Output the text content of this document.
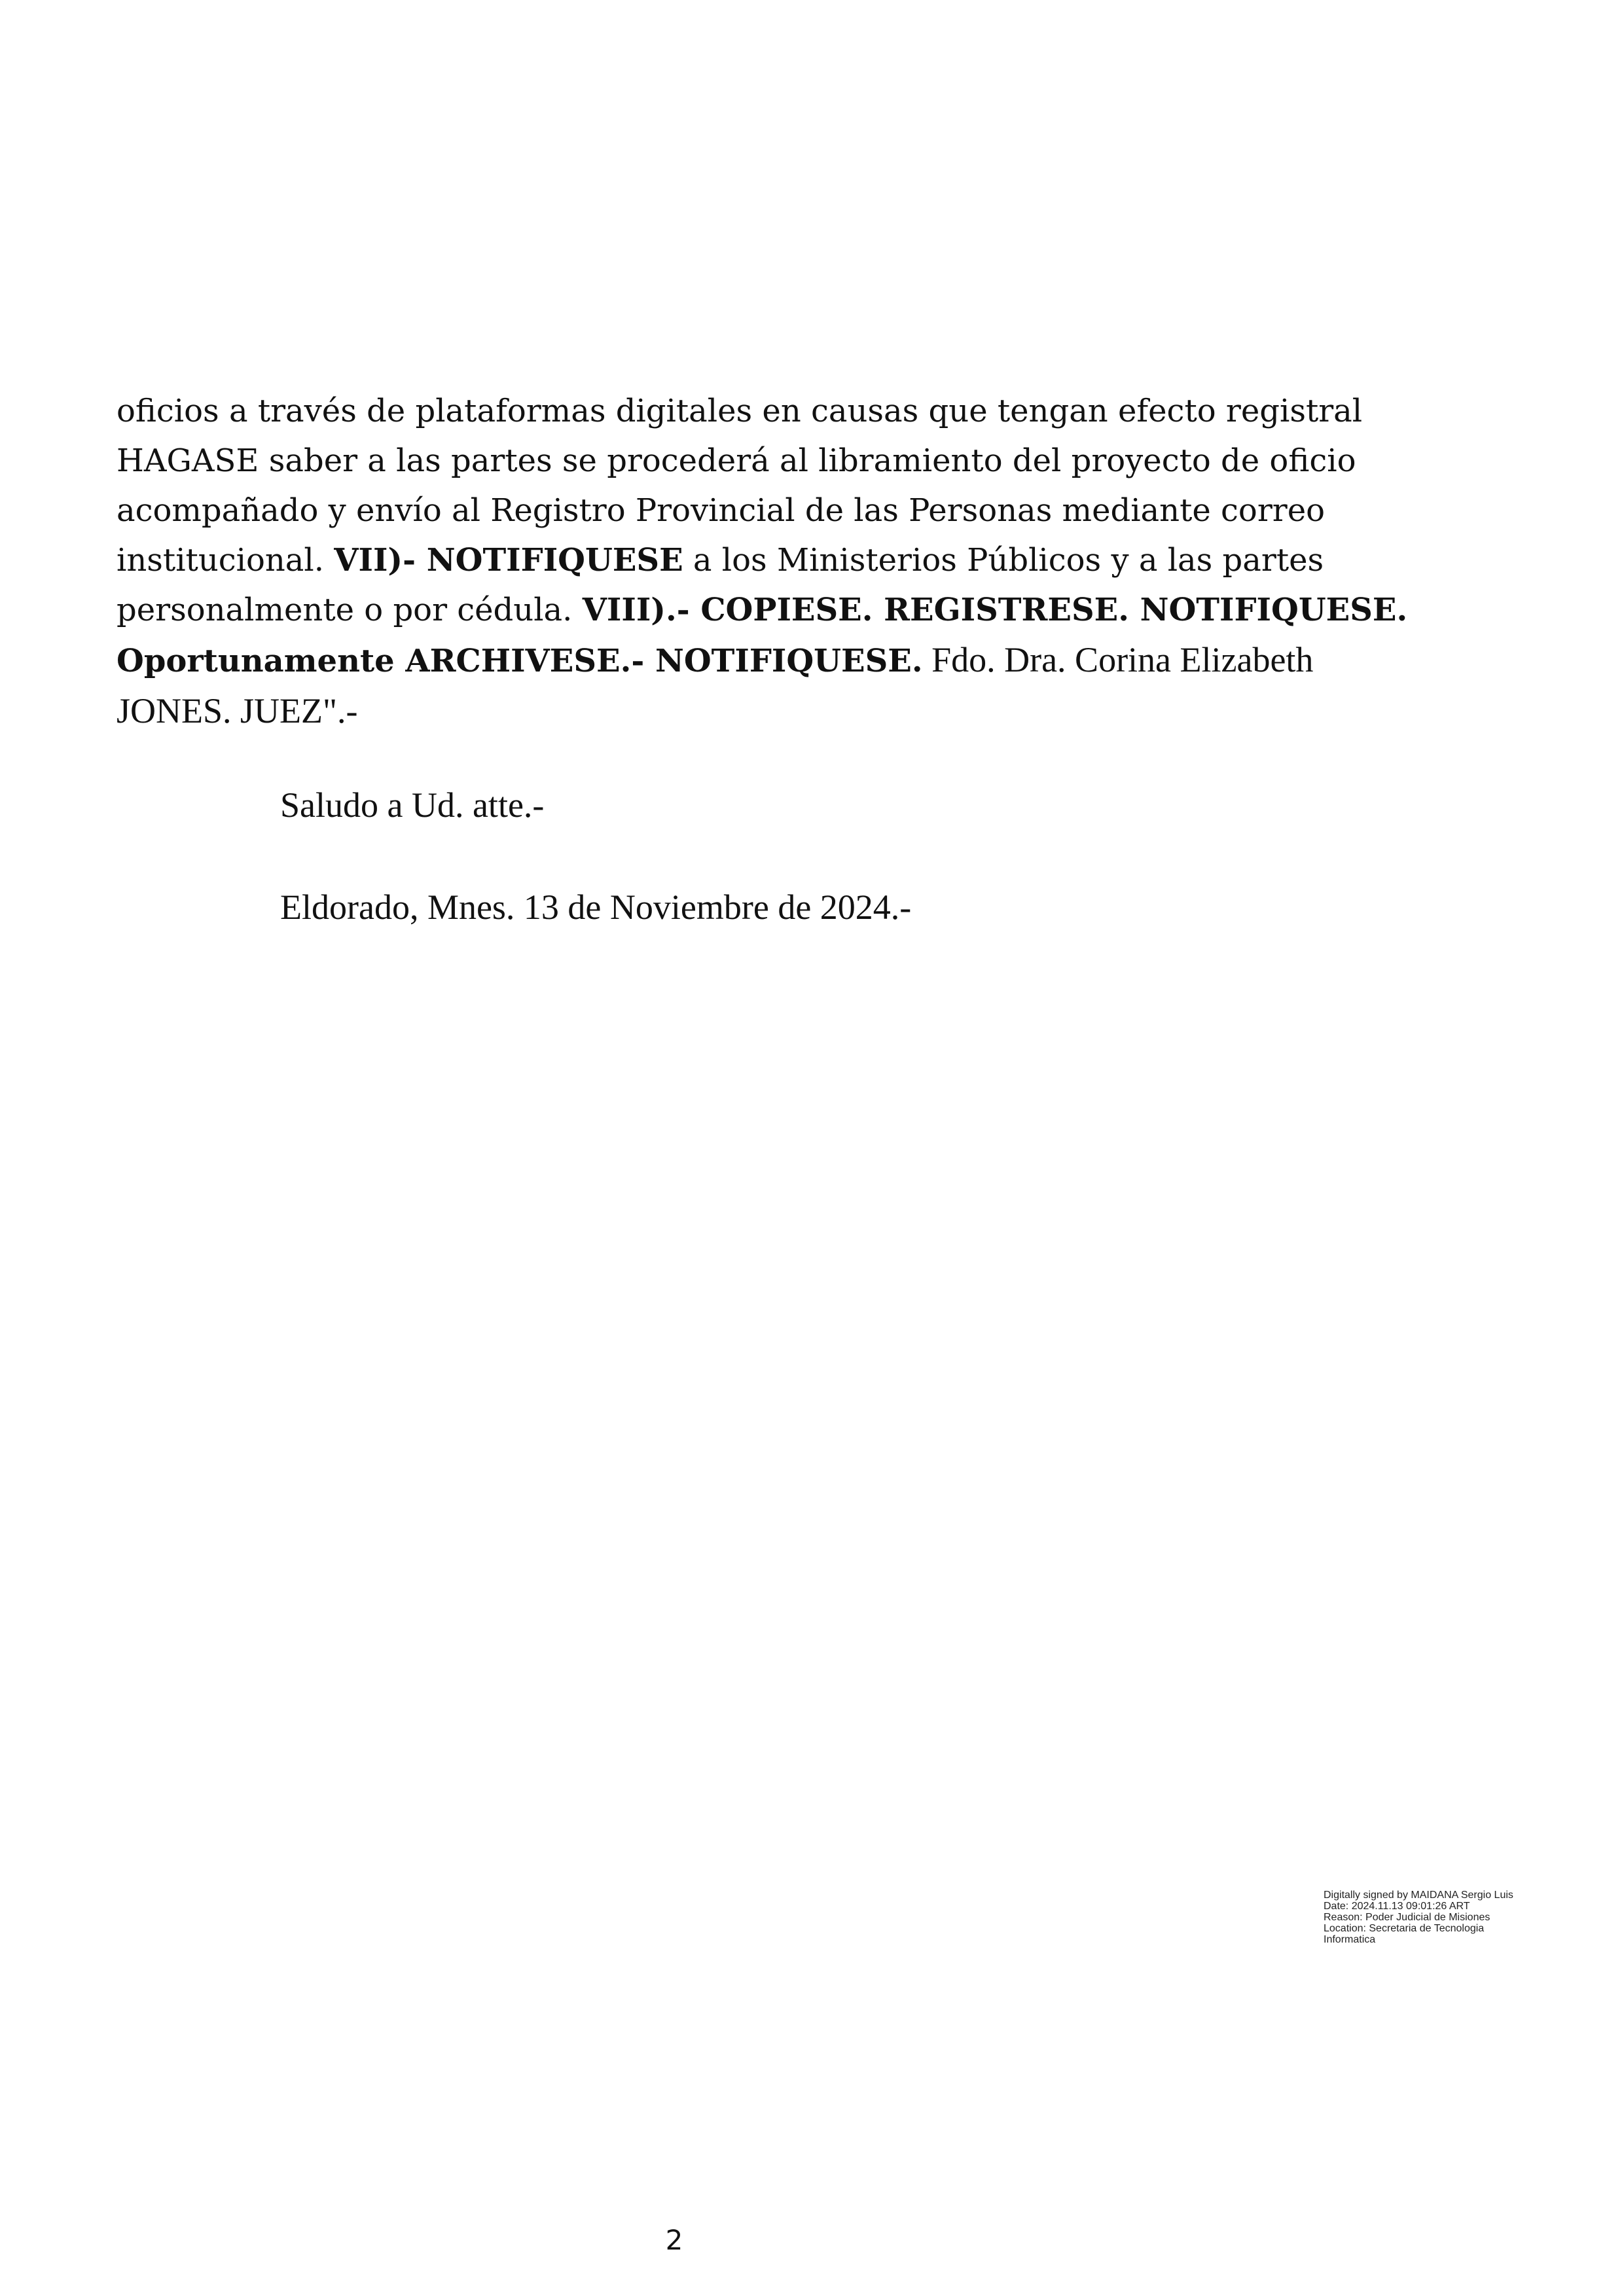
oficios a través de plataformas digitales en causas que tengan efecto registral
HAGASE saber a las partes se procederá al libramiento del proyecto de oficio
acompañado y envío al Registro Provincial de las Personas mediante correo
institucional. VII)- NOTIFIQUESE a los Ministerios Públicos y a las partes
personalmente o por cédula. VIII).- COPIESE. REGISTRESE. NOTIFIQUESE.
Oportunamente ARCHIVESE.- NOTIFIQUESE. Fdo. Dra. Corina Elizabeth
JONES. JUEZ".-
Saludo a Ud. atte.-
Eldorado, Mnes. 13 de Noviembre de 2024.-
Digitally signed by MAIDANA Sergio Luis
Date: 2024.11.13 09:01:26 ART
Reason: Poder Judicial de Misiones
Location: Secretaria de Tecnologia
Informatica
2
